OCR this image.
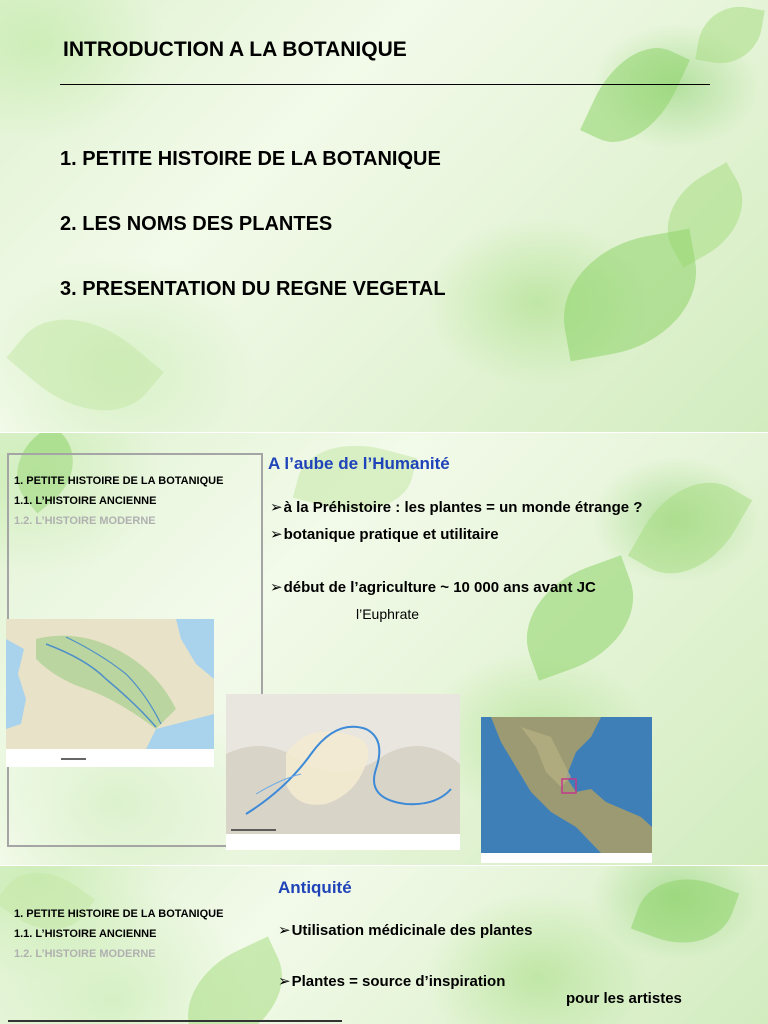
INTRODUCTION A LA BOTANIQUE
1. PETITE HISTOIRE DE LA BOTANIQUE
2. LES NOMS DES PLANTES
3. PRESENTATION DU REGNE VEGETAL
1. PETITE HISTOIRE DE LA BOTANIQUE
1.1. L’HISTOIRE ANCIENNE
1.2. L’HISTOIRE MODERNE
A l’aube de l’Humanité
➢à la Préhistoire : les plantes = un monde étrange ?
➢botanique pratique et utilitaire
➢début de l’agriculture ~ 10 000 ans avant JC
l’Euphrate
1. PETITE HISTOIRE DE LA BOTANIQUE
1.1. L’HISTOIRE ANCIENNE
1.2. L’HISTOIRE MODERNE
Antiquité
➢Utilisation médicinale des plantes
➢Plantes = source d’inspiration
pour les artistes
